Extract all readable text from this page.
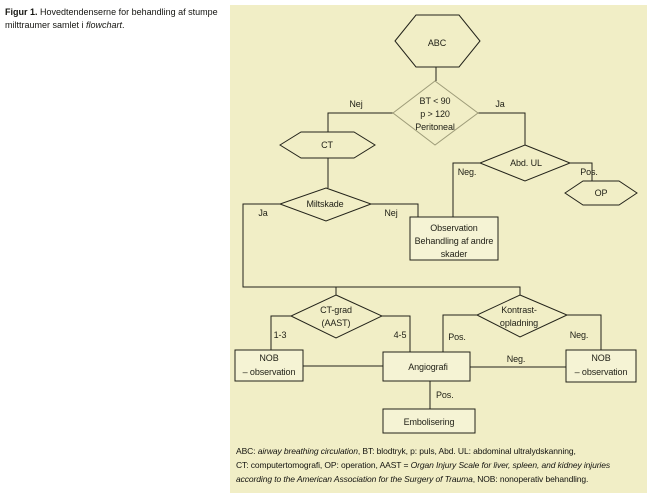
Figur 1. Hovedtendenserne for behandling af stumpe milttraumer samlet i flowchart.
ABC
BT < 90
p > 120
Peritoneal
CT
Abd. UL
OP
Miltskade
Observation
Behandling af andre
skader
CT-grad
(AAST)
Kontrast-
opladning
NOB
– observation	Angiografi
NOB
– observation
Embolisering
Nej	Ja
Neg.	Pos.
Ja	Nej
1-3	4-5	Pos.	Neg.
Neg.
Pos.
ABC: airway breathing circulation, BT: blodtryk, p: puls, Abd. UL: abdominal ultralydskanning,
CT: computertomografi, OP: operation, AAST = Organ Injury Scale for liver, spleen, and kidney injuries
according to the American Association for the Surgery of Trauma, NOB: nonoperativ behandling.
